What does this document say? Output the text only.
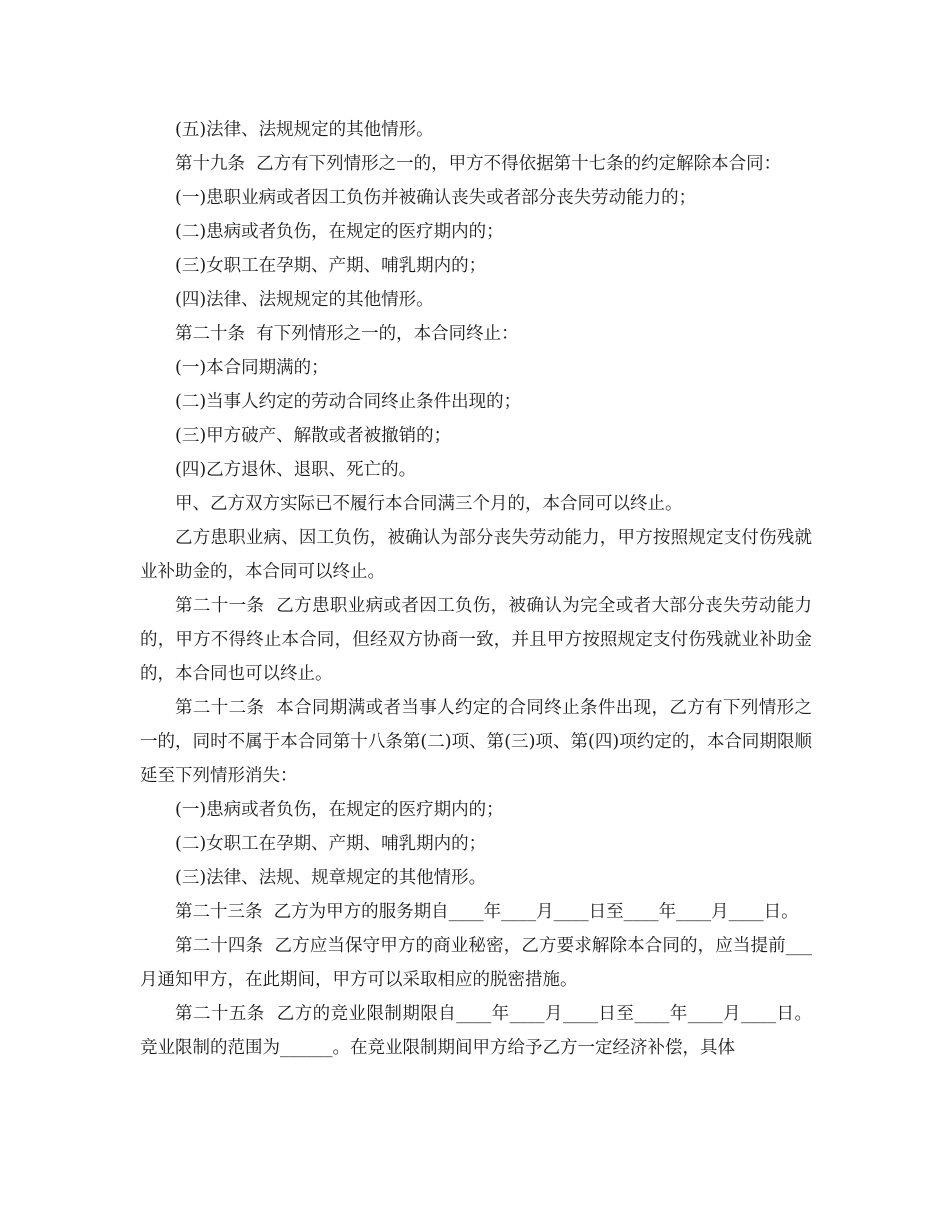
(五)法律、法规规定的其他情形。

第十九条  乙方有下列情形之一的，甲方不得依据第十七条的约定解除本合同：

(一)患职业病或者因工负伤并被确认丧失或者部分丧失劳动能力的；

(二)患病或者负伤，在规定的医疗期内的；

(三)女职工在孕期、产期、哺乳期内的；

(四)法律、法规规定的其他情形。

第二十条  有下列情形之一的，本合同终止：

(一)本合同期满的；

(二)当事人约定的劳动合同终止条件出现的；

(三)甲方破产、解散或者被撤销的；

(四)乙方退休、退职、死亡的。

甲、乙方双方实际已不履行本合同满三个月的，本合同可以终止。

乙方患职业病、因工负伤，被确认为部分丧失劳动能力，甲方按照规定支付伤残就业补助金的，本合同可以终止。

第二十一条  乙方患职业病或者因工负伤，被确认为完全或者大部分丧失劳动能力的，甲方不得终止本合同，但经双方协商一致，并且甲方按照规定支付伤残就业补助金的，本合同也可以终止。

第二十二条  本合同期满或者当事人约定的合同终止条件出现，乙方有下列情形之一的，同时不属于本合同第十八条第(二)项、第(三)项、第(四)项约定的，本合同期限顺延至下列情形消失：

(一)患病或者负伤，在规定的医疗期内的；

(二)女职工在孕期、产期、哺乳期内的；

(三)法律、法规、规章规定的其他情形。

第二十三条  乙方为甲方的服务期自____年____月____日至____年____月____日。

第二十四条  乙方应当保守甲方的商业秘密，乙方要求解除本合同的，应当提前___月通知甲方，在此期间，甲方可以采取相应的脱密措施。

第二十五条  乙方的竞业限制期限自____年____月____日至____年____月____日。竞业限制的范围为______。在竞业限制期间甲方给予乙方一定经济补偿，具体
